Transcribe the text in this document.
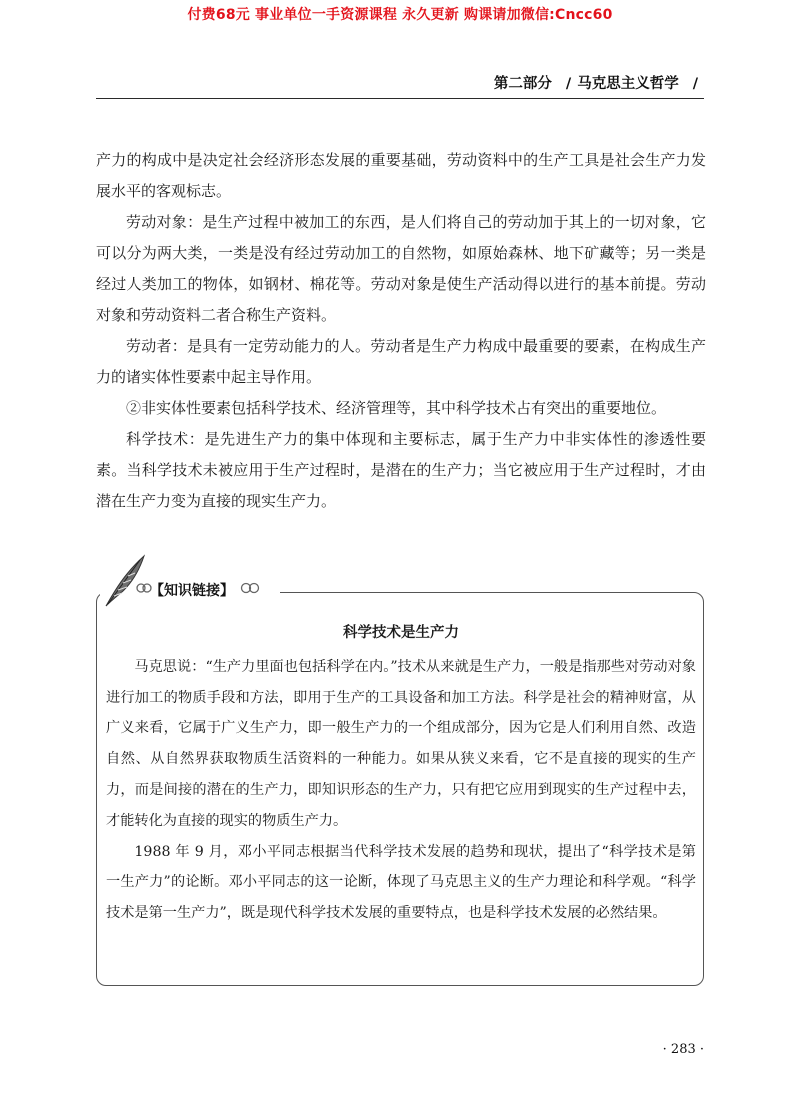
付费68元 事业单位一手资源课程 永久更新 购课请加微信:Cncc60
第二部分 / 马克思主义哲学 /

产力的构成中是决定社会经济形态发展的重要基础，劳动资料中的生产工具是社会生产力发展水平的客观标志。

劳动对象：是生产过程中被加工的东西，是人们将自己的劳动加于其上的一切对象，它可以分为两大类，一类是没有经过劳动加工的自然物，如原始森林、地下矿藏等；另一类是经过人类加工的物体，如钢材、棉花等。劳动对象是使生产活动得以进行的基本前提。劳动对象和劳动资料二者合称生产资料。

劳动者：是具有一定劳动能力的人。劳动者是生产力构成中最重要的要素，在构成生产力的诸实体性要素中起主导作用。

②非实体性要素包括科学技术、经济管理等，其中科学技术占有突出的重要地位。

科学技术：是先进生产力的集中体现和主要标志，属于生产力中非实体性的渗透性要素。当科学技术未被应用于生产过程时，是潜在的生产力；当它被应用于生产过程时，才由潜在生产力变为直接的现实生产力。

【知识链接】
科学技术是生产力

马克思说：“生产力里面也包括科学在内。”技术从来就是生产力，一般是指那些对劳动对象进行加工的物质手段和方法，即用于生产的工具设备和加工方法。科学是社会的精神财富，从广义来看，它属于广义生产力，即一般生产力的一个组成部分，因为它是人们利用自然、改造自然、从自然界获取物质生活资料的一种能力。如果从狭义来看，它不是直接的现实的生产力，而是间接的潜在的生产力，即知识形态的生产力，只有把它应用到现实的生产过程中去，才能转化为直接的现实的物质生产力。

1988 年 9 月，邓小平同志根据当代科学技术发展的趋势和现状，提出了“科学技术是第一生产力”的论断。邓小平同志的这一论断，体现了马克思主义的生产力理论和科学观。“科学技术是第一生产力”，既是现代科学技术发展的重要特点，也是科学技术发展的必然结果。

· 283 ·
